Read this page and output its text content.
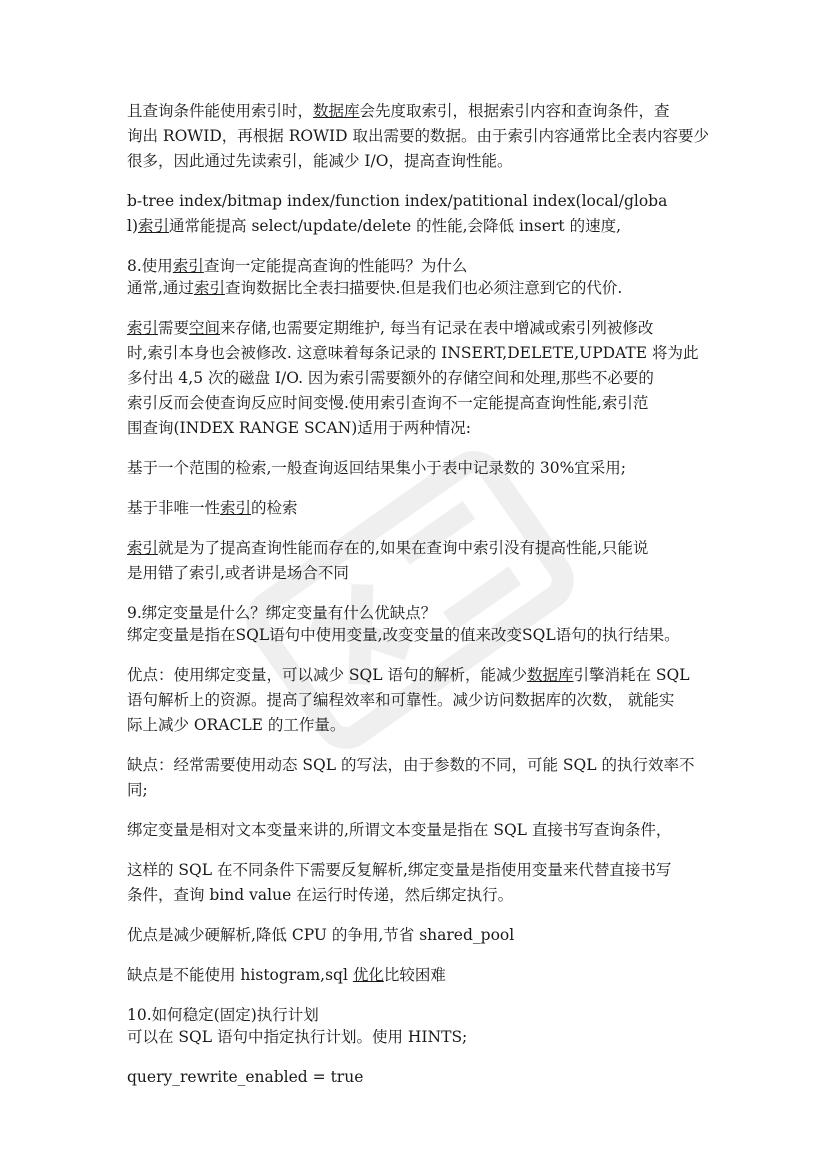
且查询条件能使用索引时，数据库会先度取索引，根据索引内容和查询条件，查
询出 ROWID，再根据 ROWID 取出需要的数据。由于索引内容通常比全表内容要少
很多，因此通过先读索引，能减少 I/O，提高查询性能。
b-tree index/bitmap index/function index/patitional index(local/globa
l)索引通常能提高 select/update/delete 的性能,会降低 insert 的速度,
8.使用索引查询一定能提高查询的性能吗？为什么
通常,通过索引查询数据比全表扫描要快.但是我们也必须注意到它的代价.
索引需要空间来存储,也需要定期维护, 每当有记录在表中增减或索引列被修改
时,索引本身也会被修改. 这意味着每条记录的 INSERT,DELETE,UPDATE 将为此
多付出 4,5 次的磁盘 I/O. 因为索引需要额外的存储空间和处理,那些不必要的
索引反而会使查询反应时间变慢.使用索引查询不一定能提高查询性能,索引范
围查询(INDEX RANGE SCAN)适用于两种情况:
基于一个范围的检索,一般查询返回结果集小于表中记录数的 30%宜采用;
基于非唯一性索引的检索
索引就是为了提高查询性能而存在的,如果在查询中索引没有提高性能,只能说
是用错了索引,或者讲是场合不同
9.绑定变量是什么？绑定变量有什么优缺点？
绑定变量是指在SQL语句中使用变量,改变变量的值来改变SQL语句的执行结果。
优点：使用绑定变量，可以减少 SQL 语句的解析，能减少数据库引擎消耗在 SQL
语句解析上的资源。提高了编程效率和可靠性。减少访问数据库的次数， 就能实
际上减少 ORACLE 的工作量。
缺点：经常需要使用动态 SQL 的写法，由于参数的不同，可能 SQL 的执行效率不
同;
绑定变量是相对文本变量来讲的,所谓文本变量是指在 SQL 直接书写查询条件，
这样的 SQL 在不同条件下需要反复解析,绑定变量是指使用变量来代替直接书写
条件，查询 bind value 在运行时传递，然后绑定执行。
优点是减少硬解析,降低 CPU 的争用,节省 shared_pool
缺点是不能使用 histogram,sql 优化比较困难
10.如何稳定(固定)执行计划
可以在 SQL 语句中指定执行计划。使用 HINTS;
query_rewrite_enabled = true
